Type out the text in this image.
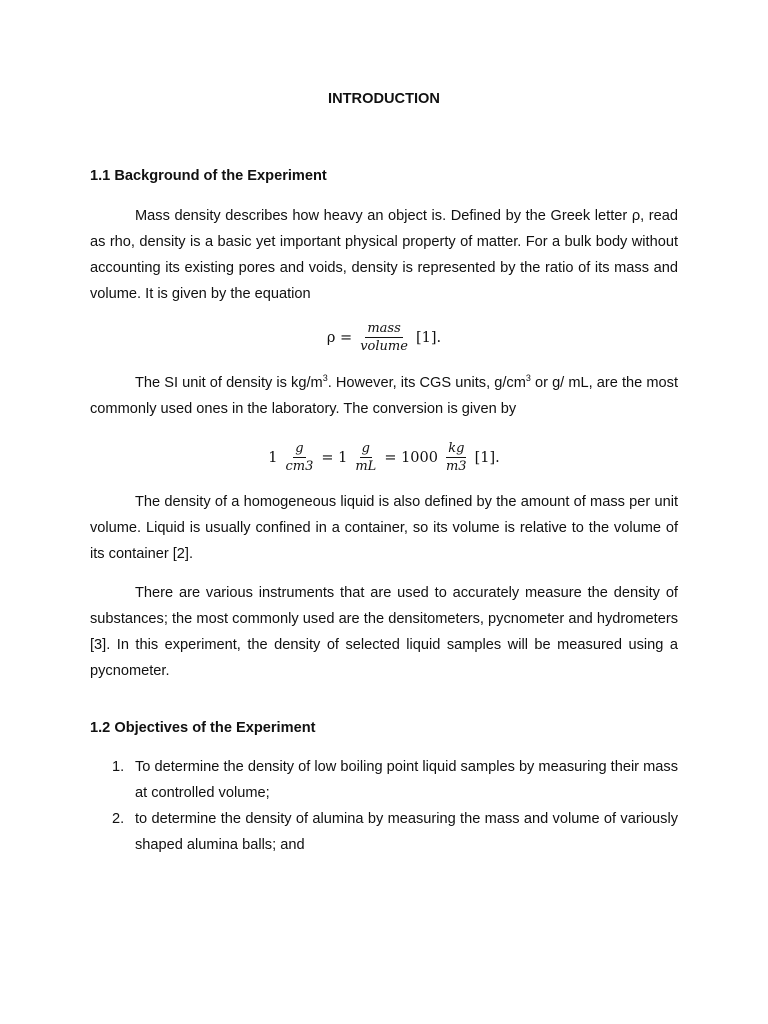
INTRODUCTION
1.1 Background of the Experiment

Mass density describes how heavy an object is. Defined by the Greek letter ρ, read as rho, density is a basic yet important physical property of matter. For a bulk body without accounting its existing pores and voids, density is represented by the ratio of its mass and volume. It is given by the equation

$\rho = \frac{\text{mass}}{\text{volume}} [1]$.

The SI unit of density is $kg/m^3$. However, its CGS units, $g/cm^3$ or g/ mL, are the most commonly used ones in the laboratory. The conversion is given by

$1 \frac{g}{cm3} = 1 \frac{g}{mL} = 1000 \frac{kg}{m3} [1]$.

The density of a homogeneous liquid is also defined by the amount of mass per unit volume. Liquid is usually confined in a container, so its volume is relative to the volume of its container [2].

There are various instruments that are used to accurately measure the density of substances; the most commonly used are the densitometers, pycnometer and hydrometers [3]. In this experiment, the density of selected liquid samples will be measured using a pycnometer.

1.2 Objectives of the Experiment
1. To determine the density of low boiling point liquid samples by measuring their mass at controlled volume;
2. to determine the density of alumina by measuring the mass and volume of variously shaped alumina balls; and
